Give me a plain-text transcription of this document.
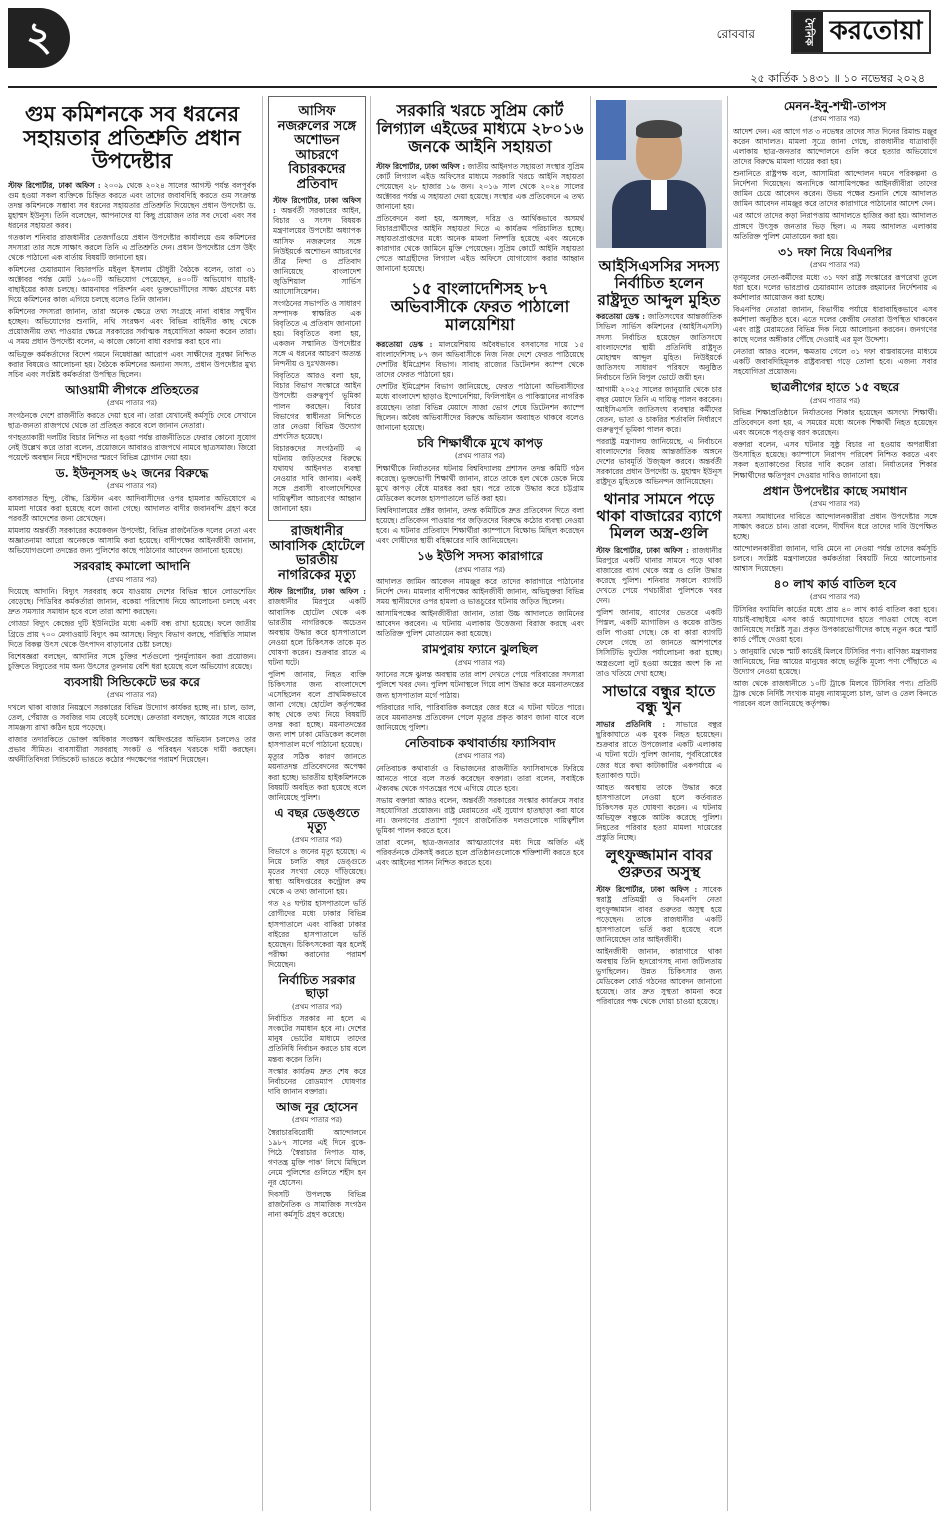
২	রোববার	দৈনিক করতোয়া
২৫ কার্তিক ১৪৩১ ॥ ১০ নভেম্বর ২০২৪
গুম কমিশনকে সব ধরনের সহায়তার প্রতিশ্রুতি প্রধান উপদেষ্টার

স্টাফ রিপোর্টার, ঢাকা অফিস : ২০০৯ থেকে ২০২৪ সালের আগস্ট পর্যন্ত বলপূর্বক গুম হওয়া সকল ব্যক্তিকে চিহ্নিত করতে এবং তাদের জবাবদিহি করতে গুম সংক্রান্ত তদন্ত কমিশনকে সম্ভাব্য সব ধরনের সহায়তার প্রতিশ্রুতি দিয়েছেন প্রধান উপদেষ্টা ড. মুহাম্মদ ইউনূস। তিনি বলেছেন, আপনাদের যা কিছু প্রয়োজন তার সব দেবো এবং সব ধরনের সহায়তা করব।

গতকাল শনিবার রাজধানীর তেজগাঁওয়ে প্রধান উপদেষ্টার কার্যালয়ে গুম কমিশনের সদস্যরা তার সঙ্গে সাক্ষাৎ করলে তিনি এ প্রতিশ্রুতি দেন। প্রধান উপদেষ্টার প্রেস উইং থেকে পাঠানো এক বার্তায় বিষয়টি জানানো হয়।

কমিশনের চেয়ারম্যান বিচারপতি মইনুল ইসলাম চৌধুরী বৈঠকে বলেন, তারা ৩১ অক্টোবর পর্যন্ত মোট ১৬০০টি অভিযোগ পেয়েছেন, ৪০০টি অভিযোগ যাচাই-বাছাইয়ের কাজ চলছে। আয়নাঘর পরিদর্শন এবং ভুক্তভোগীদের সাক্ষ্য গ্রহণের মধ্য দিয়ে কমিশনের কাজ এগিয়ে চলছে বলেও তিনি জানান।

কমিশনের সদস্যরা জানান, তারা অনেক ক্ষেত্রে তথ্য সংগ্রহে নানা বাধার সম্মুখীন হচ্ছেন। অভিযোগের শুনানি, নথি সংরক্ষণ এবং বিভিন্ন বাহিনীর কাছ থেকে প্রয়োজনীয় তথ্য পাওয়ার ক্ষেত্রে সরকারের সর্বাত্মক সহযোগিতা কামনা করেন তারা। এ সময় প্রধান উপদেষ্টা বলেন, এ কাজে কোনো বাধা বরদাস্ত করা হবে না।

অভিযুক্ত কর্মকর্তাদের বিদেশ গমনে নিষেধাজ্ঞা আরোপ এবং সাক্ষীদের সুরক্ষা নিশ্চিত করার বিষয়েও আলোচনা হয়। বৈঠকে কমিশনের অন্যান্য সদস্য, প্রধান উপদেষ্টার মুখ্য সচিব এবং সংশ্লিষ্ট কর্মকর্তারা উপস্থিত ছিলেন।

আওয়ামী লীগকে প্রতিহতের
(প্রথম পাতার পর)

সংগঠনকে দেশে রাজনীতি করতে দেয়া হবে না। তারা যেখানেই কর্মসূচি দেবে সেখানে ছাত্র-জনতা রাজপথে থেকে তা প্রতিহত করবে বলে জানান নেতারা।

গণহত্যাকারী দলটির বিচার নিশ্চিত না হওয়া পর্যন্ত রাজনীতিতে ফেরার কোনো সুযোগ নেই উল্লেখ করে তারা বলেন, প্রয়োজনে আবারও রাজপথে নামবে ছাত্রসমাজ। জিরো পয়েন্টে অবস্থান নিয়ে শহীদদের স্মরণে বিভিন্ন স্লোগান দেয়া হয়।

ড. ইউনূসসহ ৬২ জনের বিরুদ্ধে
(প্রথম পাতার পর)

বসবাসরত হিন্দু, বৌদ্ধ, খ্রিস্টান এবং আদিবাসীদের ওপর হামলার অভিযোগে এ মামলা দায়ের করা হয়েছে বলে জানা গেছে। আদালত বাদীর জবানবন্দি গ্রহণ করে পরবর্তী আদেশের জন্য রেখেছেন।

মামলায় অন্তর্বর্তী সরকারের কয়েকজন উপদেষ্টা, বিভিন্ন রাজনৈতিক দলের নেতা এবং অজ্ঞাতনামা আরো অনেককে আসামি করা হয়েছে। বাদীপক্ষের আইনজীবী জানান, অভিযোগগুলো তদন্তের জন্য পুলিশের কাছে পাঠানোর আবেদন জানানো হয়েছে।

সরবরাহ কমালো আদানি
(প্রথম পাতার পর)

দিয়েছে আদানি। বিদ্যুৎ সরবরাহ কমে যাওয়ায় দেশের বিভিন্ন স্থানে লোডশেডিং বেড়েছে। পিডিবির কর্মকর্তারা জানান, বকেয়া পরিশোধ নিয়ে আলোচনা চলছে এবং দ্রুত সমস্যার সমাধান হবে বলে তারা আশা করছেন।

গোড্ডা বিদ্যুৎ কেন্দ্রের দুটি ইউনিটের মধ্যে একটি বন্ধ রাখা হয়েছে। ফলে জাতীয় গ্রিডে প্রায় ৭০০ মেগাওয়াট বিদ্যুৎ কম আসছে। বিদ্যুৎ বিভাগ বলছে, পরিস্থিতি সামাল দিতে বিকল্প উৎস থেকে উৎপাদন বাড়ানোর চেষ্টা চলছে।

বিশেষজ্ঞরা বলছেন, আদানির সঙ্গে চুক্তির শর্তগুলো পুনর্মূল্যায়ন করা প্রয়োজন। চুক্তিতে বিদ্যুতের দাম অন্য উৎসের তুলনায় বেশি ধরা হয়েছে বলে অভিযোগ রয়েছে।

ব্যবসায়ী সিন্ডিকেটে ভর করে
(প্রথম পাতার পর)

দখলে থাকা বাজার নিয়ন্ত্রণে সরকারের বিভিন্ন উদ্যোগ কার্যকর হচ্ছে না। চাল, ডাল, তেল, পেঁয়াজ ও সবজির দাম বেড়েই চলেছে। ক্রেতারা বলছেন, আয়ের সঙ্গে ব্যয়ের সামঞ্জস্য রাখা কঠিন হয়ে পড়েছে।

বাজার তদারকিতে ভোক্তা অধিকার সংরক্ষণ অধিদপ্তরের অভিযান চললেও তার প্রভাব সীমিত। ব্যবসায়ীরা সরবরাহ সংকট ও পরিবহন খরচকে দায়ী করছেন। অর্থনীতিবিদরা সিন্ডিকেট ভাঙতে কঠোর পদক্ষেপের পরামর্শ দিয়েছেন।

আসিফ নজরুলের সঙ্গে অশোভন আচরণে বিচারকদের প্রতিবাদ

স্টাফ রিপোর্টার, ঢাকা অফিস : অন্তর্বর্তী সরকারের আইন, বিচার ও সংসদ বিষয়ক মন্ত্রণালয়ের উপদেষ্টা অধ্যাপক আসিফ নজরুলের সঙ্গে নিউইয়র্কে অশোভন আচরণের তীব্র নিন্দা ও প্রতিবাদ জানিয়েছে বাংলাদেশ জুডিশিয়াল সার্ভিস অ্যাসোসিয়েশন।

সংগঠনের সভাপতি ও সাধারণ সম্পাদক স্বাক্ষরিত এক বিবৃতিতে এ প্রতিবাদ জানানো হয়। বিবৃতিতে বলা হয়, একজন সম্মানিত উপদেষ্টার সঙ্গে এ ধরনের আচরণ অত্যন্ত নিন্দনীয় ও দুঃখজনক।

বিবৃতিতে আরও বলা হয়, বিচার বিভাগ সংস্কারে আইন উপদেষ্টা গুরুত্বপূর্ণ ভূমিকা পালন করছেন। বিচার বিভাগের স্বাধীনতা নিশ্চিতে তার নেওয়া বিভিন্ন উদ্যোগ প্রশংসিত হয়েছে।

বিচারকদের সংগঠনটি এ ঘটনায় জড়িতদের বিরুদ্ধে যথাযথ আইনগত ব্যবস্থা নেওয়ার দাবি জানায়। একই সঙ্গে প্রবাসী বাংলাদেশিদের দায়িত্বশীল আচরণের আহ্বান জানানো হয়।

রাজধানীর আবাসিক হোটেলে ভারতীয় নাগরিকের মৃত্যু

স্টাফ রিপোর্টার, ঢাকা অফিস : রাজধানীর মিরপুরে একটি আবাসিক হোটেল থেকে এক ভারতীয় নাগরিককে অচেতন অবস্থায় উদ্ধার করে হাসপাতালে নেওয়া হলে চিকিৎসক তাকে মৃত ঘোষণা করেন। শুক্রবার রাতে এ ঘটনা ঘটে।

পুলিশ জানায়, নিহত ব্যক্তি চিকিৎসার জন্য বাংলাদেশে এসেছিলেন বলে প্রাথমিকভাবে জানা গেছে। হোটেল কর্তৃপক্ষের কাছ থেকে তথ্য নিয়ে বিষয়টি তদন্ত করা হচ্ছে। ময়নাতদন্তের জন্য লাশ ঢাকা মেডিকেল কলেজ হাসপাতাল মর্গে পাঠানো হয়েছে।

মৃত্যুর সঠিক কারণ জানতে ময়নাতদন্ত প্রতিবেদনের অপেক্ষা করা হচ্ছে। ভারতীয় হাইকমিশনকে বিষয়টি অবহিত করা হয়েছে বলে জানিয়েছে পুলিশ।

এ বছর ডেঙ্গুতে মৃত্যু
(প্রথম পাতার পর)

বিভাগে ৪ জনের মৃত্যু হয়েছে। এ নিয়ে চলতি বছর ডেঙ্গুতে মৃতের সংখ্যা বেড়ে দাঁড়িয়েছে। স্বাস্থ্য অধিদপ্তরের কন্ট্রোল রুম থেকে এ তথ্য জানানো হয়।

গত ২৪ ঘণ্টায় হাসপাতালে ভর্তি রোগীদের মধ্যে ঢাকার বিভিন্ন হাসপাতালে এবং বাকিরা ঢাকার বাইরের হাসপাতালে ভর্তি হয়েছেন। চিকিৎসকেরা জ্বর হলেই পরীক্ষা করানোর পরামর্শ দিয়েছেন।

নির্বাচিত সরকার ছাড়া
(প্রথম পাতার পর)

নির্বাচিত সরকার না হলে এ সংকটের সমাধান হবে না। দেশের মানুষ ভোটের মাধ্যমে তাদের প্রতিনিধি নির্বাচন করতে চায় বলে মন্তব্য করেন তিনি।

সংস্কার কার্যক্রম দ্রুত শেষ করে নির্বাচনের রোডম্যাপ ঘোষণার দাবি জানান বক্তারা।

আজ নূর হোসেন
(প্রথম পাতার পর)

স্বৈরাচারবিরোধী আন্দোলনে ১৯৮৭ সালের এই দিনে বুকে-পিঠে 'স্বৈরাচার নিপাত যাক, গণতন্ত্র মুক্তি পাক' লিখে মিছিলে নেমে পুলিশের গুলিতে শহীদ হন নূর হোসেন।

দিবসটি উপলক্ষে বিভিন্ন রাজনৈতিক ও সামাজিক সংগঠন নানা কর্মসূচি গ্রহণ করেছে।

সরকারি খরচে সুপ্রিম কোর্ট লিগ্যাল এইডের মাধ্যমে ২৮০১৬ জনকে আইনি সহায়তা

স্টাফ রিপোর্টার, ঢাকা অফিস : জাতীয় আইনগত সহায়তা সংস্থার সুপ্রিম কোর্ট লিগ্যাল এইড অফিসের মাধ্যমে সরকারি খরচে আইনি সহায়তা পেয়েছেন ২৮ হাজার ১৬ জন। ২০১৬ সাল থেকে ২০২৪ সালের অক্টোবর পর্যন্ত এ সহায়তা দেয়া হয়েছে। সংস্থার এক প্রতিবেদনে এ তথ্য জানানো হয়।

প্রতিবেদনে বলা হয়, অসচ্ছল, দরিদ্র ও আর্থিকভাবে অসমর্থ বিচারপ্রার্থীদের আইনি সহায়তা দিতে এ কার্যক্রম পরিচালিত হচ্ছে। সহায়তাপ্রাপ্তদের মধ্যে অনেক মামলা নিষ্পত্তি হয়েছে এবং অনেকে কারাগার থেকে জামিনে মুক্তি পেয়েছেন। সুপ্রিম কোর্টে আইনি সহায়তা পেতে আগ্রহীদের লিগ্যাল এইড অফিসে যোগাযোগ করার আহ্বান জানানো হয়েছে।

১৫ বাংলাদেশিসহ ৮৭ অভিবাসীকে ফেরত পাঠালো মালয়েশিয়া

করতোয়া ডেস্ক : মালয়েশিয়ায় অবৈধভাবে বসবাসের দায়ে ১৫ বাংলাদেশিসহ ৮৭ জন অভিবাসীকে নিজ নিজ দেশে ফেরত পাঠিয়েছে দেশটির ইমিগ্রেশন বিভাগ। সাবাহ রাজ্যের ডিটেনশন ক্যাম্প থেকে তাদের ফেরত পাঠানো হয়।

দেশটির ইমিগ্রেশন বিভাগ জানিয়েছে, ফেরত পাঠানো অভিবাসীদের মধ্যে বাংলাদেশ ছাড়াও ইন্দোনেশিয়া, ফিলিপাইন ও পাকিস্তানের নাগরিক রয়েছেন। তারা বিভিন্ন মেয়াদে সাজা ভোগ শেষে ডিটেনশন ক্যাম্পে ছিলেন। অবৈধ অভিবাসীদের বিরুদ্ধে অভিযান অব্যাহত থাকবে বলেও জানানো হয়েছে।

চবি শিক্ষার্থীকে মুখে কাপড়
(প্রথম পাতার পর)

শিক্ষার্থীকে নির্যাতনের ঘটনায় বিশ্ববিদ্যালয় প্রশাসন তদন্ত কমিটি গঠন করেছে। ভুক্তভোগী শিক্ষার্থী জানান, রাতে তাকে হল থেকে ডেকে নিয়ে মুখে কাপড় বেঁধে মারধর করা হয়। পরে তাকে উদ্ধার করে চট্টগ্রাম মেডিকেল কলেজ হাসপাতালে ভর্তি করা হয়।

বিশ্ববিদ্যালয়ের প্রক্টর জানান, তদন্ত কমিটিকে দ্রুত প্রতিবেদন দিতে বলা হয়েছে। প্রতিবেদন পাওয়ার পর জড়িতদের বিরুদ্ধে কঠোর ব্যবস্থা নেওয়া হবে। এ ঘটনার প্রতিবাদে শিক্ষার্থীরা ক্যাম্পাসে বিক্ষোভ মিছিল করেছেন এবং দোষীদের স্থায়ী বহিষ্কারের দাবি জানিয়েছেন।

১৬ ইউপি সদস্য কারাগারে
(প্রথম পাতার পর)

আদালত জামিন আবেদন নামঞ্জুর করে তাদের কারাগারে পাঠানোর নির্দেশ দেন। মামলার বাদীপক্ষের আইনজীবী জানান, অভিযুক্তরা বিভিন্ন সময় স্থানীয়দের ওপর হামলা ও ভাঙচুরের ঘটনায় জড়িত ছিলেন।

আসামিপক্ষের আইনজীবীরা জানান, তারা উচ্চ আদালতে জামিনের আবেদন করবেন। এ ঘটনায় এলাকায় উত্তেজনা বিরাজ করছে এবং অতিরিক্ত পুলিশ মোতায়েন করা হয়েছে।

রামপুরায় ফ্যানে ঝুলছিল
(প্রথম পাতার পর)

ফ্যানের সঙ্গে ঝুলন্ত অবস্থায় তার লাশ দেখতে পেয়ে পরিবারের সদস্যরা পুলিশে খবর দেন। পুলিশ ঘটনাস্থলে গিয়ে লাশ উদ্ধার করে ময়নাতদন্তের জন্য হাসপাতাল মর্গে পাঠায়।

পরিবারের দাবি, পারিবারিক কলহের জের ধরে এ ঘটনা ঘটতে পারে। তবে ময়নাতদন্ত প্রতিবেদন পেলে মৃত্যুর প্রকৃত কারণ জানা যাবে বলে জানিয়েছে পুলিশ।

নেতিবাচক কথাবার্তায় ফ্যাসিবাদ
(প্রথম পাতার পর)

নেতিবাচক কথাবার্তা ও বিভাজনের রাজনীতি ফ্যাসিবাদকে ফিরিয়ে আনতে পারে বলে সতর্ক করেছেন বক্তারা। তারা বলেন, সবাইকে ঐক্যবদ্ধ থেকে গণতন্ত্রের পথে এগিয়ে যেতে হবে।

সভায় বক্তারা আরও বলেন, অন্তর্বর্তী সরকারের সংস্কার কার্যক্রমে সবার সহযোগিতা প্রয়োজন। রাষ্ট্র মেরামতের এই সুযোগ হাতছাড়া করা যাবে না। জনগণের প্রত্যাশা পূরণে রাজনৈতিক দলগুলোকে দায়িত্বশীল ভূমিকা পালন করতে হবে।

তারা বলেন, ছাত্র-জনতার আত্মত্যাগের মধ্য দিয়ে অর্জিত এই পরিবর্তনকে টেকসই করতে হলে প্রতিষ্ঠানগুলোকে শক্তিশালী করতে হবে এবং আইনের শাসন নিশ্চিত করতে হবে।

আইসিএসসির সদস্য নির্বাচিত হলেন রাষ্ট্রদূত আব্দুল মুহিত

করতোয়া ডেস্ক : জাতিসংঘের আন্তর্জাতিক সিভিল সার্ভিস কমিশনের (আইসিএসসি) সদস্য নির্বাচিত হয়েছেন জাতিসংঘে বাংলাদেশের স্থায়ী প্রতিনিধি রাষ্ট্রদূত মোহাম্মদ আব্দুল মুহিত। নিউইয়র্কে জাতিসংঘ সাধারণ পরিষদে অনুষ্ঠিত নির্বাচনে তিনি বিপুল ভোটে জয়ী হন।

আগামী ২০২৫ সালের জানুয়ারি থেকে চার বছর মেয়াদে তিনি এ দায়িত্ব পালন করবেন। আইসিএসসি জাতিসংঘ ব্যবস্থার কর্মীদের বেতন, ভাতা ও চাকরির শর্তাবলি নির্ধারণে গুরুত্বপূর্ণ ভূমিকা পালন করে।

পররাষ্ট্র মন্ত্রণালয় জানিয়েছে, এ নির্বাচনে বাংলাদেশের বিজয় আন্তর্জাতিক অঙ্গনে দেশের ভাবমূর্তি উজ্জ্বল করবে। অন্তর্বর্তী সরকারের প্রধান উপদেষ্টা ড. মুহাম্মদ ইউনূস রাষ্ট্রদূত মুহিতকে অভিনন্দন জানিয়েছেন।

থানার সামনে পড়ে থাকা বাজারের ব্যাগে মিলল অস্ত্র-গুলি

স্টাফ রিপোর্টার, ঢাকা অফিস : রাজধানীর মিরপুরে একটি থানার সামনে পড়ে থাকা বাজারের ব্যাগ থেকে অস্ত্র ও গুলি উদ্ধার করেছে পুলিশ। শনিবার সকালে ব্যাগটি দেখতে পেয়ে পথচারীরা পুলিশকে খবর দেন।

পুলিশ জানায়, ব্যাগের ভেতরে একটি পিস্তল, একটি ম্যাগাজিন ও কয়েক রাউন্ড গুলি পাওয়া গেছে। কে বা কারা ব্যাগটি ফেলে গেছে তা জানতে আশপাশের সিসিটিভি ফুটেজ পর্যালোচনা করা হচ্ছে। অস্ত্রগুলো লুট হওয়া অস্ত্রের অংশ কি না তাও খতিয়ে দেখা হচ্ছে।

সাভারে বন্ধুর হাতে বন্ধু খুন

সাভার প্রতিনিধি : সাভারে বন্ধুর ছুরিকাঘাতে এক যুবক নিহত হয়েছেন। শুক্রবার রাতে উপজেলার একটি এলাকায় এ ঘটনা ঘটে। পুলিশ জানায়, পূর্ববিরোধের জের ধরে কথা কাটাকাটির একপর্যায়ে এ হত্যাকাণ্ড ঘটে।

আহত অবস্থায় তাকে উদ্ধার করে হাসপাতালে নেওয়া হলে কর্তব্যরত চিকিৎসক মৃত ঘোষণা করেন। এ ঘটনায় অভিযুক্ত বন্ধুকে আটক করেছে পুলিশ। নিহতের পরিবার হত্যা মামলা দায়েরের প্রস্তুতি নিচ্ছে।

লুৎফুজ্জামান বাবর গুরুতর অসুস্থ

স্টাফ রিপোর্টার, ঢাকা অফিস : সাবেক স্বরাষ্ট্র প্রতিমন্ত্রী ও বিএনপি নেতা লুৎফুজ্জামান বাবর গুরুতর অসুস্থ হয়ে পড়েছেন। তাকে রাজধানীর একটি হাসপাতালে ভর্তি করা হয়েছে বলে জানিয়েছেন তার আইনজীবী।

আইনজীবী জানান, কারাগারে থাকা অবস্থায় তিনি হৃদরোগসহ নানা জটিলতায় ভুগছিলেন। উন্নত চিকিৎসার জন্য মেডিকেল বোর্ড গঠনের আবেদন জানানো হয়েছে। তার দ্রুত সুস্থতা কামনা করে পরিবারের পক্ষ থেকে দোয়া চাওয়া হয়েছে।

মেনন-ইনু-শম্মী-তাপস
(প্রথম পাতার পর)

আদেশ দেন। এর আগে গত ৩ নভেম্বর তাদের সাত দিনের রিমান্ড মঞ্জুর করেন আদালত। মামলা সূত্রে জানা গেছে, রাজধানীর যাত্রাবাড়ী এলাকায় ছাত্র-জনতার আন্দোলনে গুলি করে হত্যার অভিযোগে তাদের বিরুদ্ধে মামলা দায়ের করা হয়।

শুনানিতে রাষ্ট্রপক্ষ বলে, আসামিরা আন্দোলন দমনে পরিকল্পনা ও নির্দেশনা দিয়েছেন। অন্যদিকে আসামিপক্ষের আইনজীবীরা তাদের জামিন চেয়ে আবেদন করেন। উভয় পক্ষের শুনানি শেষে আদালত জামিন আবেদন নামঞ্জুর করে তাদের কারাগারে পাঠানোর আদেশ দেন।

এর আগে তাদের কড়া নিরাপত্তায় আদালতে হাজির করা হয়। আদালত প্রাঙ্গণে উৎসুক জনতার ভিড় ছিল। এ সময় আদালত এলাকায় অতিরিক্ত পুলিশ মোতায়েন করা হয়।

৩১ দফা নিয়ে বিএনপির
(প্রথম পাতার পর)

তৃণমূলের নেতা-কর্মীদের মধ্যে ৩১ দফা রাষ্ট্র সংস্কারের রূপরেখা তুলে ধরা হবে। দলের ভারপ্রাপ্ত চেয়ারম্যান তারেক রহমানের নির্দেশনায় এ কর্মশালার আয়োজন করা হচ্ছে।

বিএনপির নেতারা জানান, বিভাগীয় পর্যায়ে ধারাবাহিকভাবে এসব কর্মশালা অনুষ্ঠিত হবে। এতে দলের কেন্দ্রীয় নেতারা উপস্থিত থাকবেন এবং রাষ্ট্র মেরামতের বিভিন্ন দিক নিয়ে আলোচনা করবেন। জনগণের কাছে দলের অঙ্গীকার পৌঁছে দেওয়াই এর মূল উদ্দেশ্য।

নেতারা আরও বলেন, ক্ষমতায় গেলে ৩১ দফা বাস্তবায়নের মাধ্যমে একটি জবাবদিহিমূলক রাষ্ট্রব্যবস্থা গড়ে তোলা হবে। এজন্য সবার সহযোগিতা প্রয়োজন।

ছাত্রলীগের হাতে ১৫ বছরে
(প্রথম পাতার পর)

বিভিন্ন শিক্ষাপ্রতিষ্ঠানে নির্যাতনের শিকার হয়েছেন অসংখ্য শিক্ষার্থী। প্রতিবেদনে বলা হয়, এ সময়ের মধ্যে অনেক শিক্ষার্থী নিহত হয়েছেন এবং অনেকে পঙ্গুত্ব বরণ করেছেন।

বক্তারা বলেন, এসব ঘটনার সুষ্ঠু বিচার না হওয়ায় অপরাধীরা উৎসাহিত হয়েছে। ক্যাম্পাসে নিরাপদ পরিবেশ নিশ্চিত করতে এবং সকল হত্যাকাণ্ডের বিচার দাবি করেন তারা। নির্যাতনের শিকার শিক্ষার্থীদের ক্ষতিপূরণ দেওয়ার দাবিও জানানো হয়।

প্রধান উপদেষ্টার কাছে সমাধান
(প্রথম পাতার পর)

সমস্যা সমাধানের দাবিতে আন্দোলনকারীরা প্রধান উপদেষ্টার সঙ্গে সাক্ষাৎ করতে চান। তারা বলেন, দীর্ঘদিন ধরে তাদের দাবি উপেক্ষিত হচ্ছে।

আন্দোলনকারীরা জানান, দাবি মেনে না নেওয়া পর্যন্ত তাদের কর্মসূচি চলবে। সংশ্লিষ্ট মন্ত্রণালয়ের কর্মকর্তারা বিষয়টি নিয়ে আলোচনার আশ্বাস দিয়েছেন।

৪০ লাখ কার্ড বাতিল হবে
(প্রথম পাতার পর)

টিসিবির ফ্যামিলি কার্ডের মধ্যে প্রায় ৪০ লাখ কার্ড বাতিল করা হবে। যাচাই-বাছাইয়ে এসব কার্ড অযোগ্যদের হাতে পাওয়া গেছে বলে জানিয়েছে সংশ্লিষ্ট সূত্র। প্রকৃত উপকারভোগীদের কাছে নতুন করে স্মার্ট কার্ড পৌঁছে দেওয়া হবে।

১ জানুয়ারি থেকে স্মার্ট কার্ডেই মিলবে টিসিবির পণ্য। বাণিজ্য মন্ত্রণালয় জানিয়েছে, নিম্ন আয়ের মানুষের কাছে ভর্তুকি মূল্যে পণ্য পৌঁছাতে এ উদ্যোগ নেওয়া হয়েছে।

আজ থেকে রাজধানীতে ১০টি ট্রাকে মিলবে টিসিবির পণ্য। প্রতিটি ট্রাক থেকে নির্দিষ্ট সংখ্যক মানুষ ন্যায্যমূল্যে চাল, ডাল ও তেল কিনতে পারবেন বলে জানিয়েছে কর্তৃপক্ষ।
